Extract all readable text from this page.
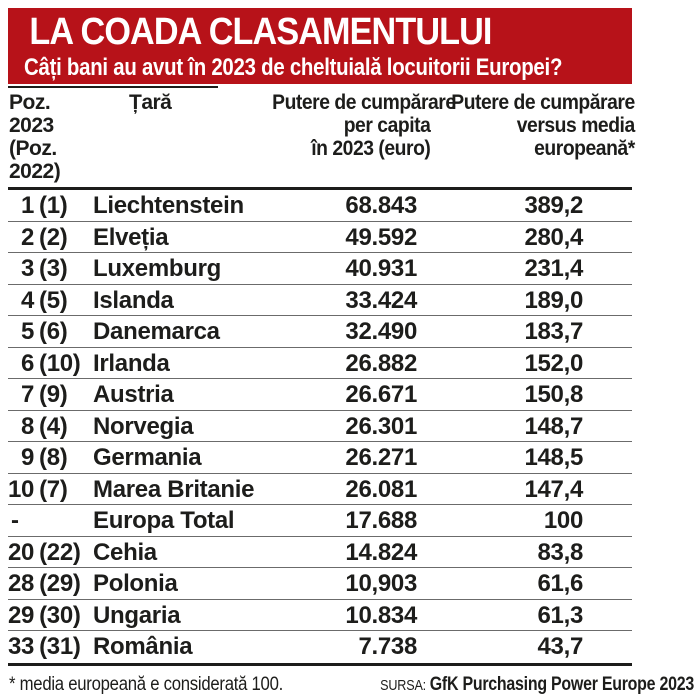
LA COADA CLASAMENTULUI
Câți bani au avut în 2023 de cheltuială locuitorii Europei?
Poz. 2023
(Poz. 2022)
Țară	Putere de cumpărare
per capita
în 2023 (euro)
Putere de cumpărare
versus media
europeană*
1 (1)	Liechtenstein	68.843	389,2
2 (2)	Elveția	49.592	280,4
3 (3)	Luxemburg	40.931	231,4
4 (5)	Islanda	33.424	189,0
5 (6)	Danemarca	32.490	183,7
6 (10) Irlanda	26.882	152,0
7 (9)	Austria	26.671	150,8
8 (4)	Norvegia	26.301	148,7
9 (8)	Germania	26.271	148,5
10 (7)	Marea Britanie	26.081	147,4
-	Europa Total	17.688	100
20 (22) Cehia	14.824	83,8
28 (29) Polonia	10,903	61,6
29 (30) Ungaria	10.834	61,3
33 (31) România	7.738	43,7
* media europeană e considerată 100.	SURSA: GfK Purchasing Power Europe 2023
